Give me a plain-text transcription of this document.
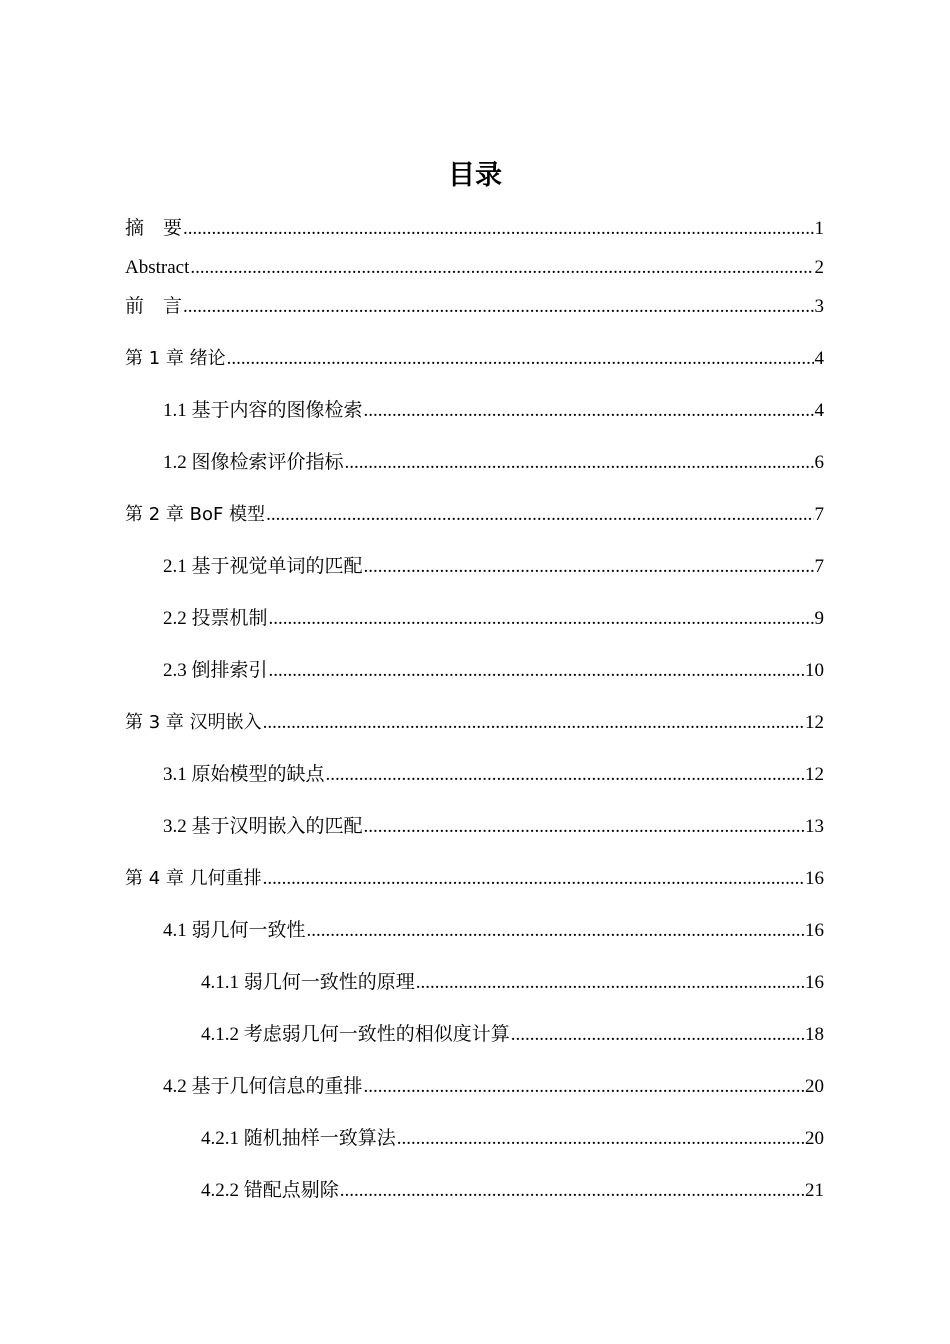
目录
摘　要 .....	1
Abstract .....	2
前　言 .....	3
第 1 章 绪论 .....	4
1.1 基于内容的图像检索 .....	4
1.2 图像检索评价指标 .....	6
第 2 章 BoF 模型 .....	7
2.1 基于视觉单词的匹配 .....	7
2.2 投票机制 .....	9
2.3 倒排索引 .....	10
第 3 章 汉明嵌入 .....	12
3.1 原始模型的缺点 .....	12
3.2 基于汉明嵌入的匹配 .....	13
第 4 章 几何重排 .....	16
4.1 弱几何一致性 .....	16
4.1.1 弱几何一致性的原理 .....	16
4.1.2 考虑弱几何一致性的相似度计算 .....	18
4.2 基于几何信息的重排 .....	20
4.2.1 随机抽样一致算法 .....	20
4.2.2 错配点剔除 .....	21
